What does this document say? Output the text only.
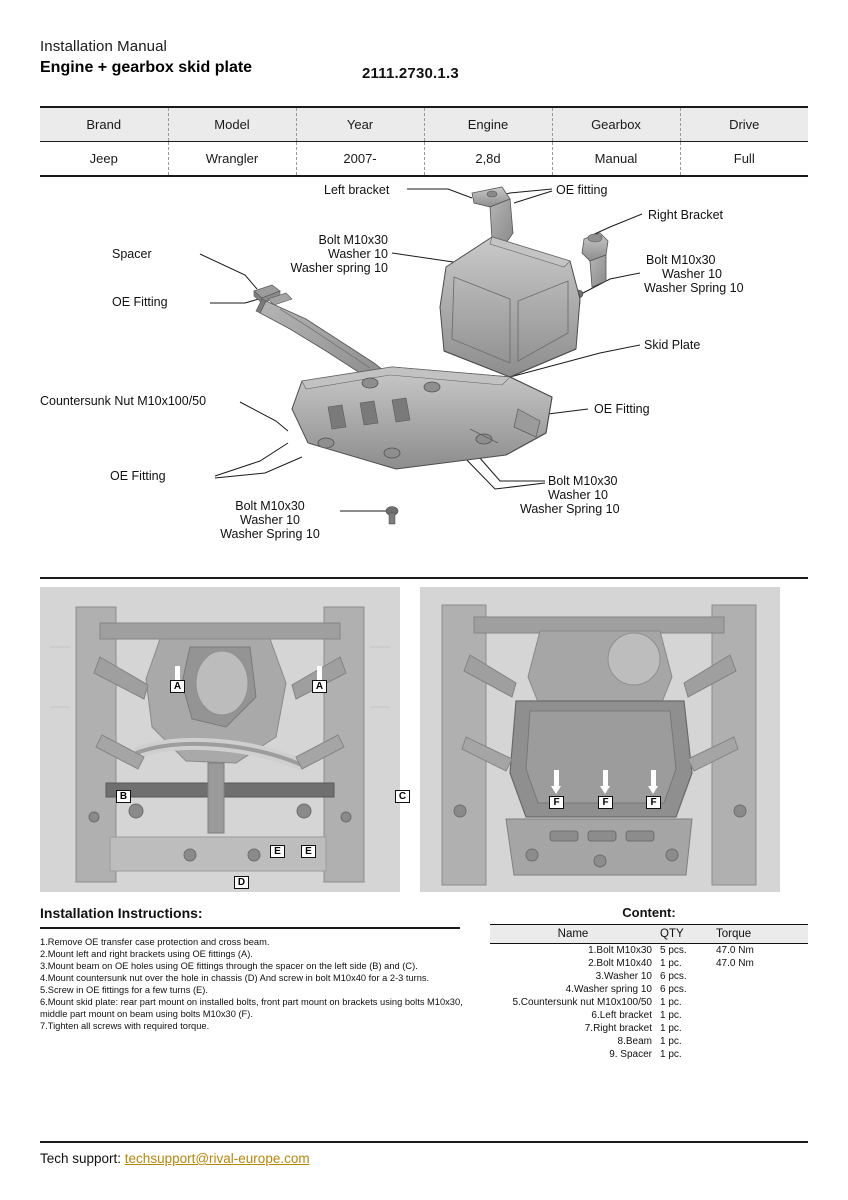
Installation Manual
Engine + gearbox skid plate	2111.2730.1.3
Brand	Model	Year	Engine	Gearbox	Drive
Jeep	Wrangler	2007-	2,8d	Manual	Full
Left bracket	OE fitting
Right Bracket
Bolt M10x30
Washer 10
Washer spring 10
Bolt M10x30
Washer 10
Washer Spring 10
Spacer
OE Fitting
Countersunk Nut M10x100/50
Skid Plate
OE Fitting
OE Fitting	Bolt M10x30
Washer 10
Washer Spring 10
Bolt M10x30
Washer 10
Washer Spring 10
A	A
B	C
E	E
D
F	F	F
Installation Instructions:
1.Remove OE transfer case protection and cross beam.
2.Mount left and right brackets using OE fittings (A).
3.Mount beam on OE holes using OE fittings through the spacer on the left side (B) and (C).
4.Mount countersunk nut over the hole in chassis (D) And screw in bolt M10x40 for a 2-3 turns.
5.Screw in OE fittings for a few turns (E).
6.Mount skid plate: rear part mount on installed bolts, front part mount on brackets using bolts M10x30, middle part mount on beam using bolts M10x30 (F).
7.Tighten all screws with required torque.
Content:
Name	QTY	Torque
1.Bolt M10x30	5 pcs.	47.0 Nm
2.Bolt M10x40	1 pc.	47.0 Nm
3.Washer 10	6 pcs.	
4.Washer spring 10	6 pcs.	
5.Countersunk nut M10x100/50	1 pc.	
6.Left bracket	1 pc.	
7.Right bracket	1 pc.	
8.Beam	1 pc.	
9. Spacer	1 pc.	
Tech support: techsupport@rival-europe.com
